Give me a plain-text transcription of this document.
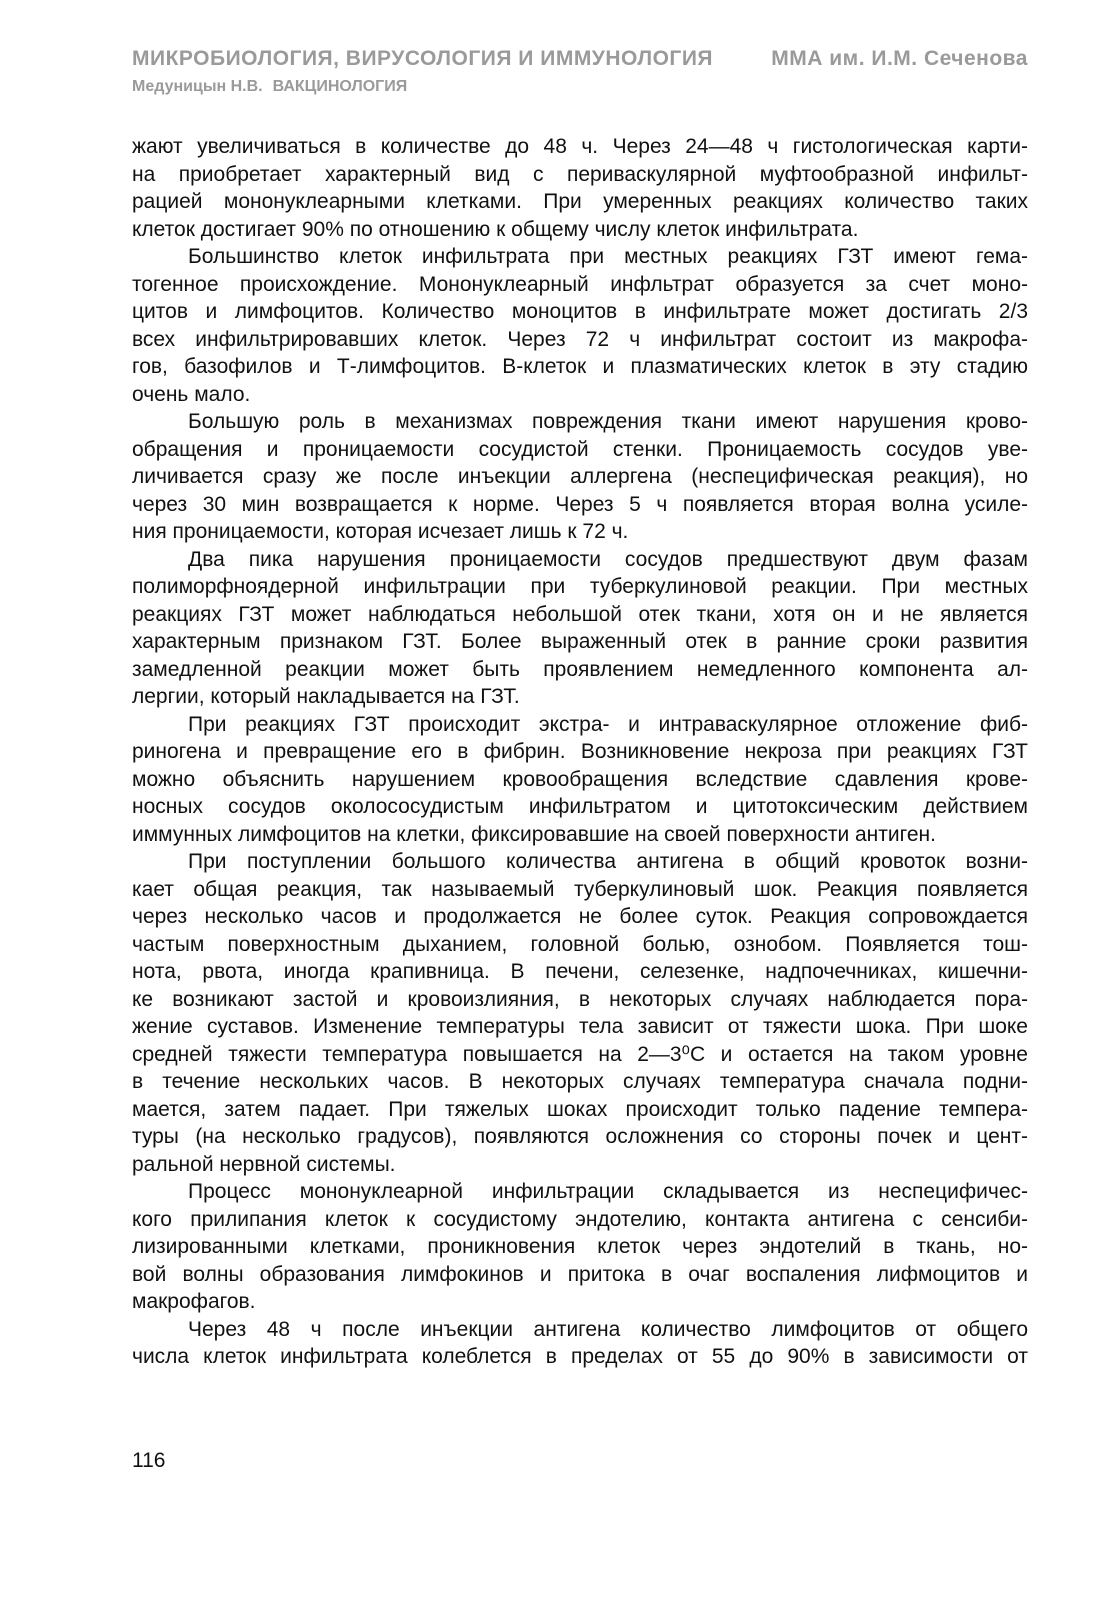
МИКРОБИОЛОГИЯ, ВИРУСОЛОГИЯ И ИММУНОЛОГИЯ	ММА им. И.М. Сеченова
Медуницын Н.В. ВАКЦИНОЛОГИЯ

жают увеличиваться в количестве до 48 ч. Через 24—48 ч гистологическая карти-
на приобретает характерный вид с периваскулярной муфтообразной инфильт-
рацией мононуклеарными клетками. При умеренных реакциях количество таких
клеток достигает 90% по отношению к общему числу клеток инфильтрата.

Большинство клеток инфильтрата при местных реакциях ГЗТ имеют гема-
тогенное происхождение. Мононуклеарный инфльтрат образуется за счет моно-
цитов и лимфоцитов. Количество моноцитов в инфильтрате может достигать 2/3
всех инфильтрировавших клеток. Через 72 ч инфильтрат состоит из макрофа-
гов, базофилов и Т-лимфоцитов. В-клеток и плазматических клеток в эту стадию
очень мало.

Большую роль в механизмах повреждения ткани имеют нарушения крово-
обращения и проницаемости сосудистой стенки. Проницаемость сосудов уве-
личивается сразу же после инъекции аллергена (неспецифическая реакция), но
через 30 мин возвращается к норме. Через 5 ч появляется вторая волна усиле-
ния проницаемости, которая исчезает лишь к 72 ч.

Два пика нарушения проницаемости сосудов предшествуют двум фазам
полиморфноядерной инфильтрации при туберкулиновой реакции. При местных
реакциях ГЗТ может наблюдаться небольшой отек ткани, хотя он и не является
характерным признаком ГЗТ. Более выраженный отек в ранние сроки развития
замедленной реакции может быть проявлением немедленного компонента ал-
лергии, который накладывается на ГЗТ.

При реакциях ГЗТ происходит экстра- и интраваскулярное отложение фиб-
риногена и превращение его в фибрин. Возникновение некроза при реакциях ГЗТ
можно объяснить нарушением кровообращения вследствие сдавления крове-
носных сосудов околососудистым инфильтратом и цитотоксическим действием
иммунных лимфоцитов на клетки, фиксировавшие на своей поверхности антиген.

При поступлении большого количества антигена в общий кровоток возни-
кает общая реакция, так называемый туберкулиновый шок. Реакция появляется
через несколько часов и продолжается не более суток. Реакция сопровождается
частым поверхностным дыханием, головной болью, ознобом. Появляется тош-
нота, рвота, иногда крапивница. В печени, селезенке, надпочечниках, кишечни-
ке возникают застой и кровоизлияния, в некоторых случаях наблюдается пора-
жение суставов. Изменение температуры тела зависит от тяжести шока. При шоке
средней тяжести температура повышается на 2—3⁰С и остается на таком уровне
в течение нескольких часов. В некоторых случаях температура сначала подни-
мается, затем падает. При тяжелых шоках происходит только падение темпера-
туры (на несколько градусов), появляются осложнения со стороны почек и цент-
ральной нервной системы.

Процесс мононуклеарной инфильтрации складывается из неспецифичес-
кого прилипания клеток к сосудистому эндотелию, контакта антигена с сенсиби-
лизированными клетками, проникновения клеток через эндотелий в ткань, но-
вой волны образования лимфокинов и притока в очаг воспаления лифмоцитов и
макрофагов.

Через 48 ч после инъекции антигена количество лимфоцитов от общего
числа клеток инфильтрата колеблется в пределах от 55 до 90% в зависимости от

116
